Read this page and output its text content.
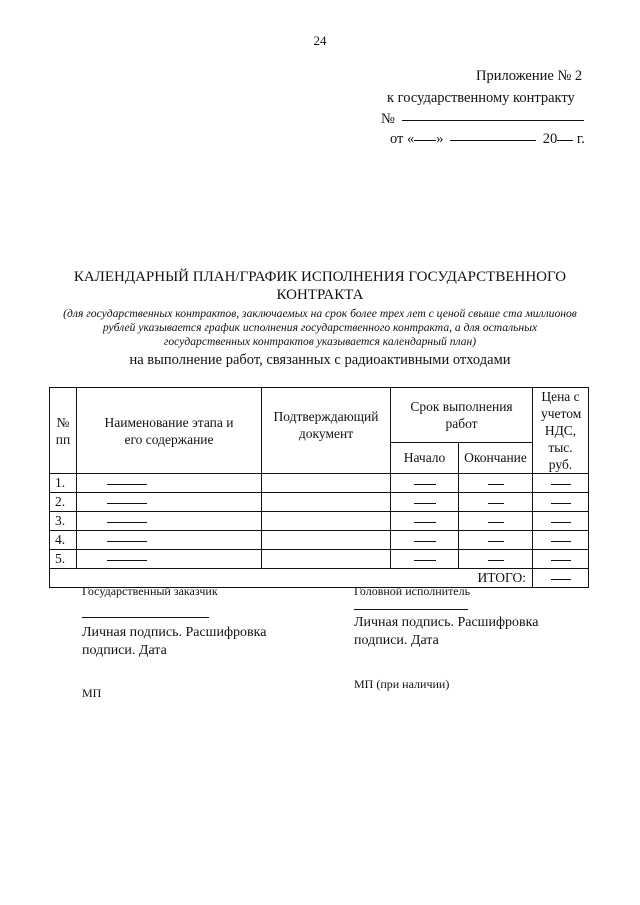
24
Приложение № 2
к государственному контракту
№
от « »	20 г.
КАЛЕНДАРНЫЙ ПЛАН/ГРАФИК ИСПОЛНЕНИЯ ГОСУДАРСТВЕННОГО КОНТРАКТА
(для государственных контрактов, заключаемых на срок более трех лет с ценой свыше ста миллионов рублей указывается график исполнения государственного контракта, а для остальных государственных контрактов указывается календарный план)
на выполнение работ, связанных с радиоактивными отходами
№ пп	Наименование этапа и его содержание	Подтверждающий документ	Срок выполнения работ		Цена с учетом НДС, тыс. руб.
			Начало	Окончание	
1.					
2.					
3.					
4.					
5.					
ИТОГО:					
Государственный заказчик
Личная подпись. Расшифровка подписи. Дата
МП
Головной исполнитель
Личная подпись. Расшифровка подписи. Дата
МП (при наличии)
